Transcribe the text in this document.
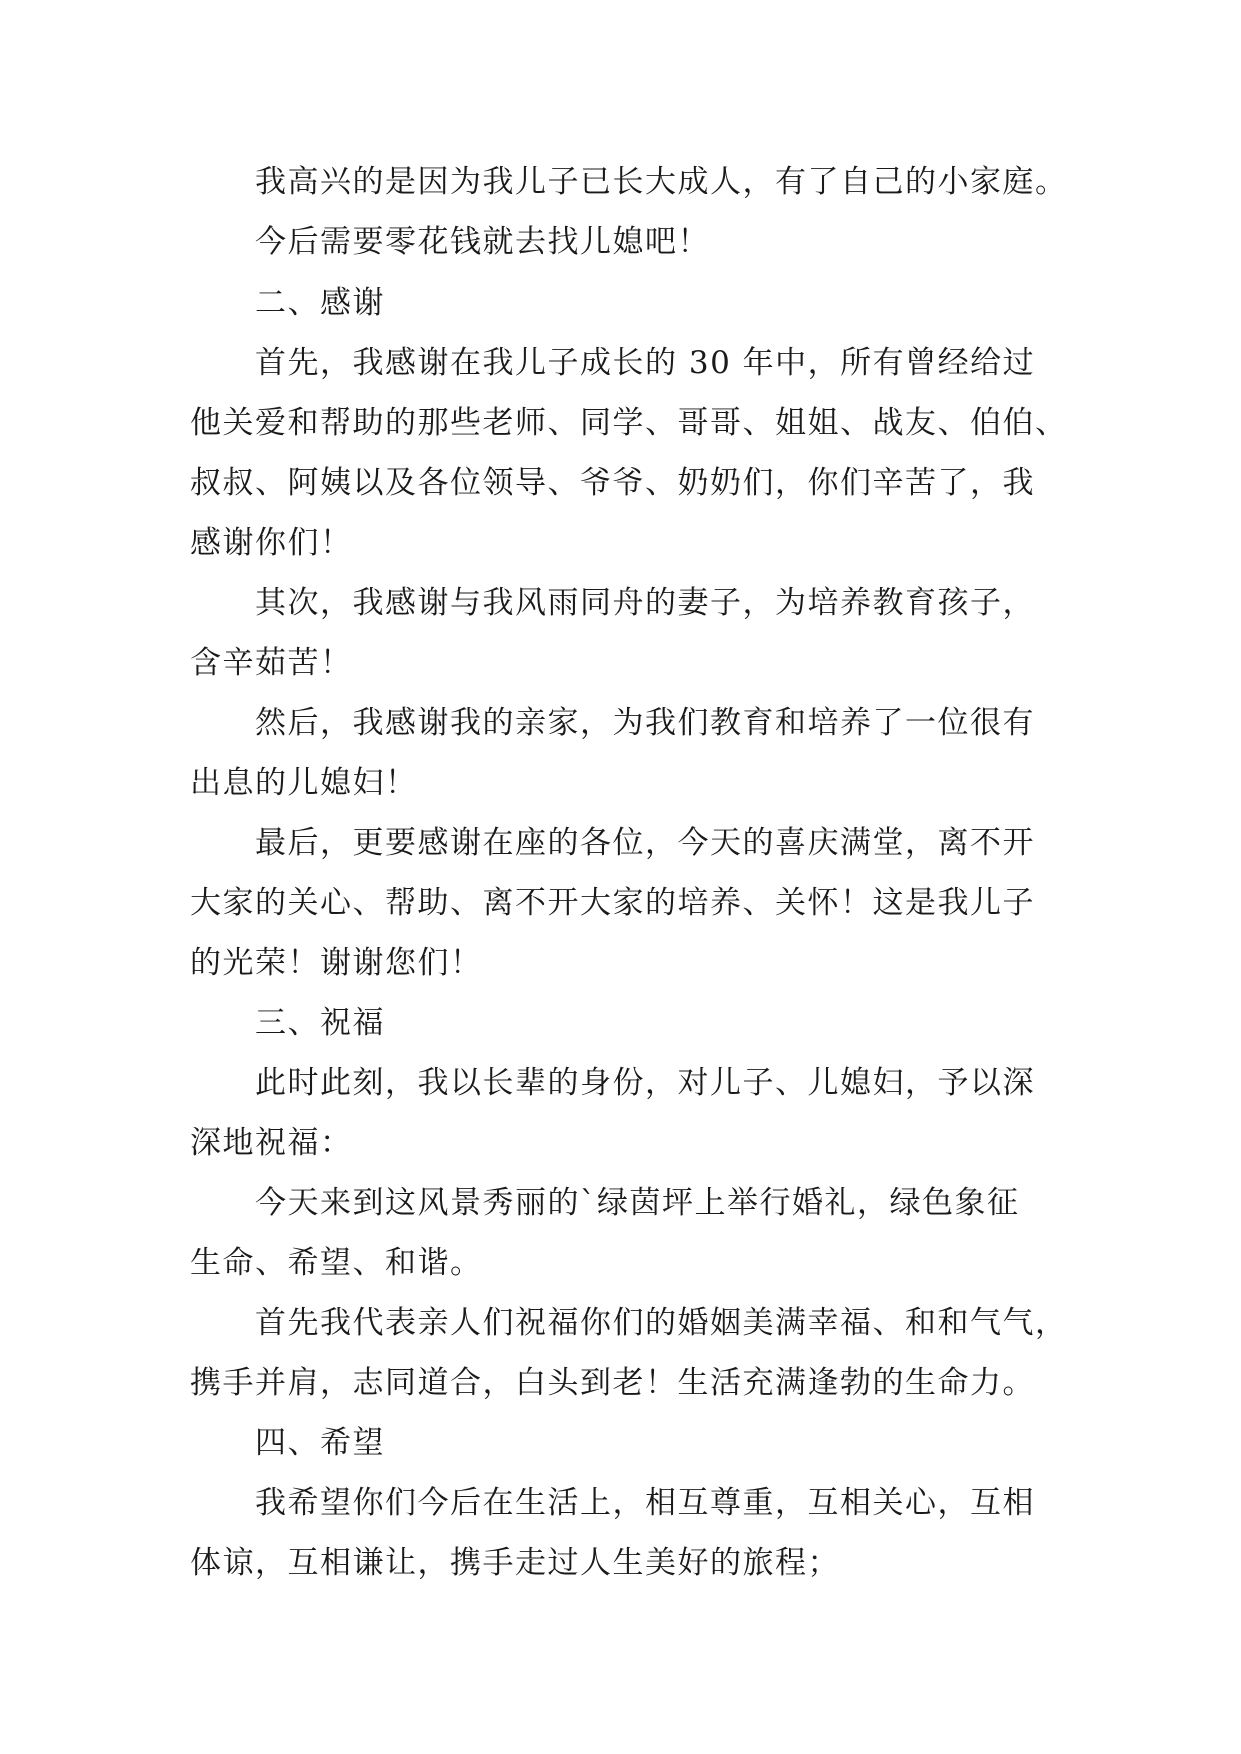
我高兴的是因为我儿子已长大成人，有了自己的小家庭。

今后需要零花钱就去找儿媳吧！

二、感谢

首先，我感谢在我儿子成长的 30 年中，所有曾经给过

他关爱和帮助的那些老师、同学、哥哥、姐姐、战友、伯伯、

叔叔、阿姨以及各位领导、爷爷、奶奶们，你们辛苦了，我

感谢你们！

其次，我感谢与我风雨同舟的妻子，为培养教育孩子，

含辛茹苦！

然后，我感谢我的亲家，为我们教育和培养了一位很有

出息的儿媳妇！

最后，更要感谢在座的各位，今天的喜庆满堂，离不开

大家的关心、帮助、离不开大家的培养、关怀！这是我儿子

的光荣！谢谢您们！

三、祝福

此时此刻，我以长辈的身份，对儿子、儿媳妇，予以深

深地祝福：

今天来到这风景秀丽的`绿茵坪上举行婚礼，绿色象征

生命、希望、和谐。

首先我代表亲人们祝福你们的婚姻美满幸福、和和气气，

携手并肩，志同道合，白头到老！生活充满逢勃的生命力。

四、希望

我希望你们今后在生活上，相互尊重，互相关心，互相

体谅，互相谦让，携手走过人生美好的旅程；
